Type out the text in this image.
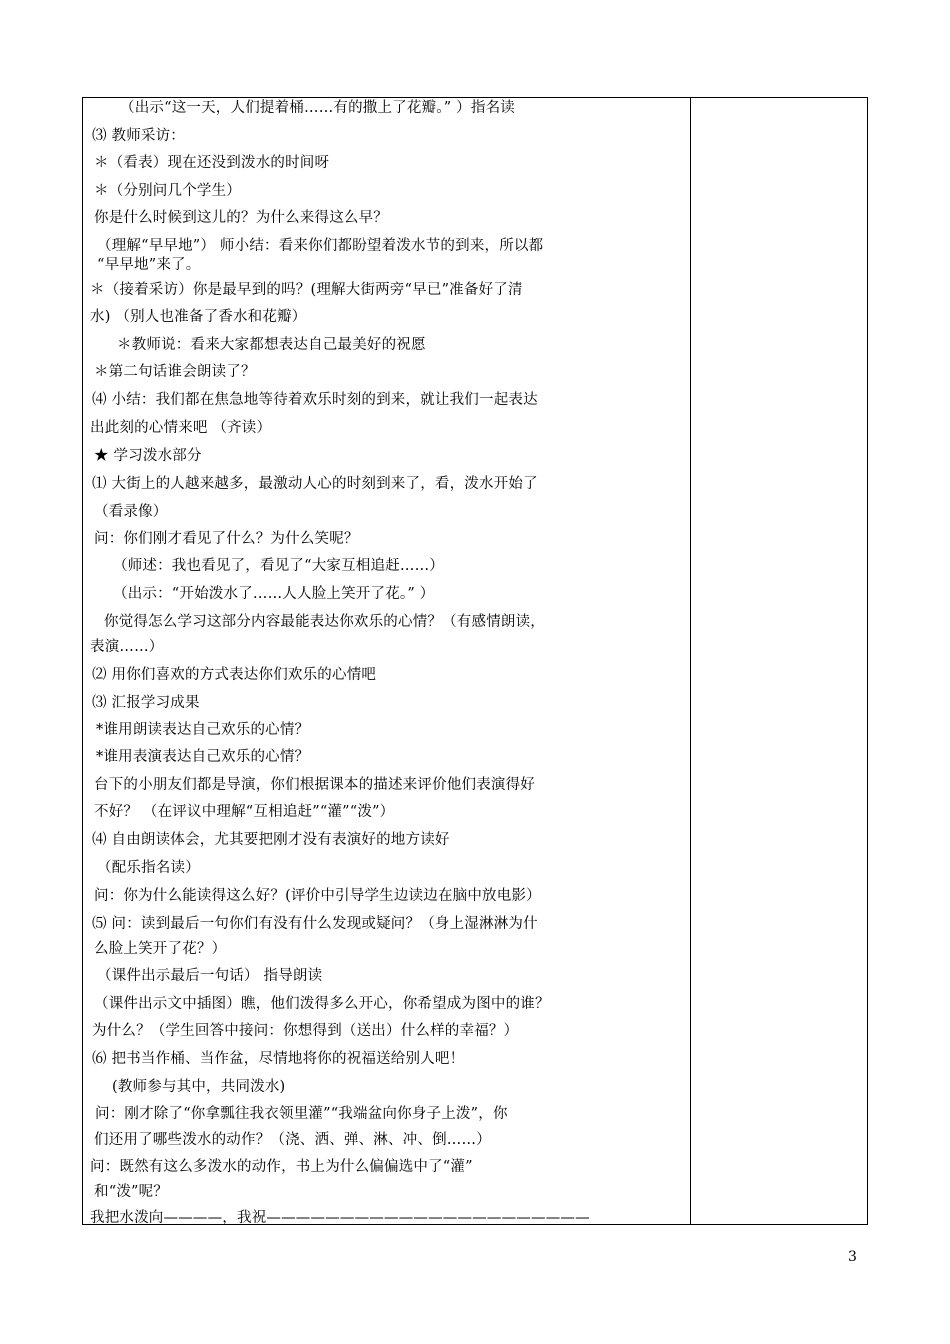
（出示“这一天，人们提着桶……有的撒上了花瓣。” ）指名读
⑶ 教师采访：
＊（看表）现在还没到泼水的时间呀
＊（分别问几个学生）
你是什么时候到这儿的？为什么来得这么早？
（理解“早早地”） 师小结：看来你们都盼望着泼水节的到来，所以都
“早早地”来了。
＊（接着采访）你是最早到的吗？(理解大街两旁“早已”准备好了清
水) （别人也准备了香水和花瓣）
＊教师说：看来大家都想表达自己最美好的祝愿
＊第二句话谁会朗读了？
⑷ 小结：我们都在焦急地等待着欢乐时刻的到来，就让我们一起表达
出此刻的心情来吧 （齐读）
★ 学习泼水部分
⑴ 大街上的人越来越多，最激动人心的时刻到来了，看，泼水开始了
（看录像）
问：你们刚才看见了什么？为什么笑呢？
（师述：我也看见了，看见了“大家互相追赶……）
（出示：“开始泼水了……人人脸上笑开了花。” ）
你觉得怎么学习这部分内容最能表达你欢乐的心情？（有感情朗读，
表演……）
⑵ 用你们喜欢的方式表达你们欢乐的心情吧
⑶ 汇报学习成果
*谁用朗读表达自己欢乐的心情？
*谁用表演表达自己欢乐的心情？
台下的小朋友们都是导演，你们根据课本的描述来评价他们表演得好
不好？ （在评议中理解“互相追赶”“灌”“泼”）
⑷ 自由朗读体会，尤其要把刚才没有表演好的地方读好
（配乐指名读）
问：你为什么能读得这么好？(评价中引导学生边读边在脑中放电影）
⑸ 问：读到最后一句你们有没有什么发现或疑问？（身上湿淋淋为什
么脸上笑开了花？）
（课件出示最后一句话） 指导朗读
（课件出示文中插图）瞧，他们泼得多么开心，你希望成为图中的谁？
为什么？（学生回答中接问：你想得到（送出）什么样的幸福？）
⑹ 把书当作桶、当作盆，尽情地将你的祝福送给别人吧！
(教师参与其中，共同泼水)
问：刚才除了“你拿瓢往我衣领里灌”“我端盆向你身子上泼”，你
们还用了哪些泼水的动作？（浇、洒、弹、淋、冲、倒……）
问：既然有这么多泼水的动作，书上为什么偏偏选中了“灌”
和“泼”呢？
我把水泼向————，我祝——————————————————————
3
